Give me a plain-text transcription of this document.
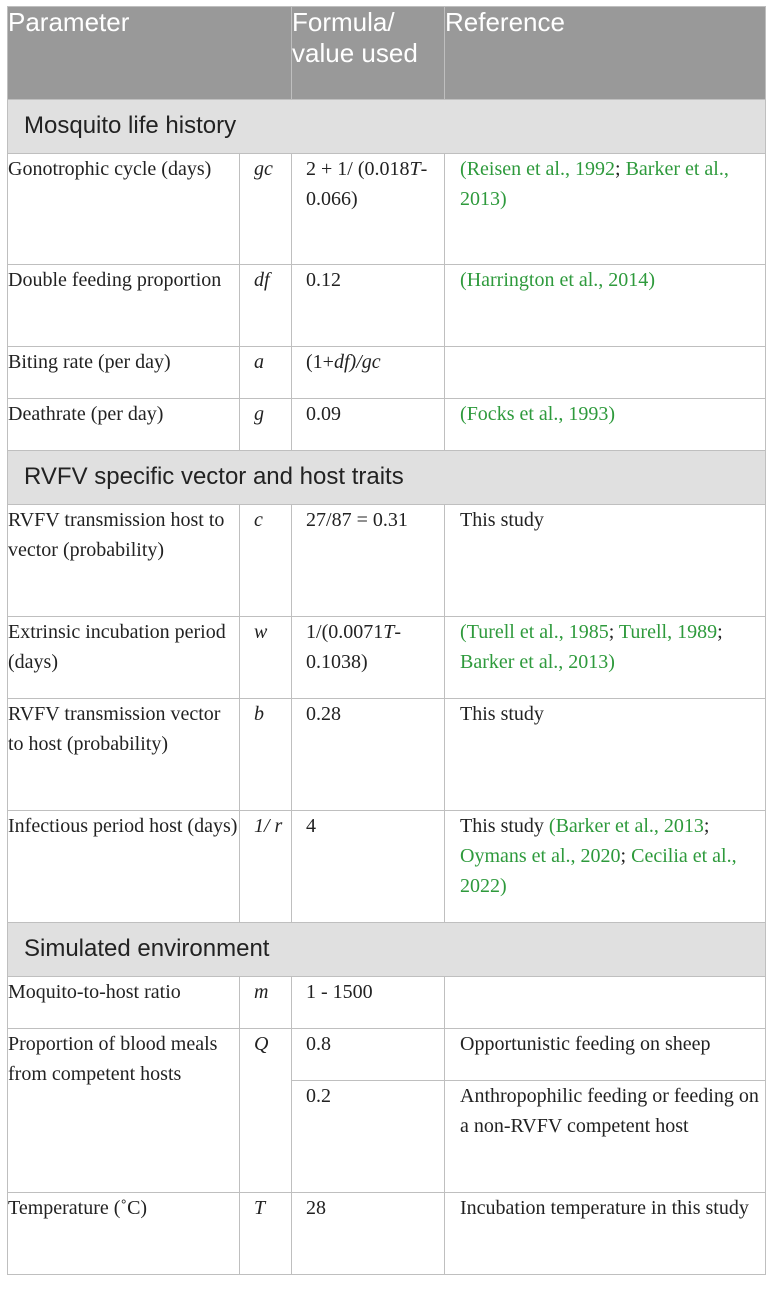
Parameter		Formula/ value used	Reference
Mosquito life history			
Gonotrophic cycle (days)	gc	2 + 1/ (0.018T- 0.066)	(Reisen et al., 1992; Barker et al., 2013)
Double feeding proportion	df	0.12	(Harrington et al., 2014)
Biting rate (per day)	a	(1+df)/gc	
Deathrate (per day)	g	0.09	(Focks et al., 1993)
RVFV specific vector and host traits			
RVFV transmission host to vector (probability)	c	27/87 = 0.31	This study
Extrinsic incubation period (days)	w	1/(0.0071T- 0.1038)	(Turell et al., 1985; Turell, 1989; Barker et al., 2013)
RVFV transmission vector to host (probability)	b	0.28	This study
Infectious period host (days)	1/ r	4	This study (Barker et al., 2013; Oymans et al., 2020; Cecilia et al., 2022)
Simulated environment			
Moquito-to-host ratio	m	1 - 1500	
Proportion of blood meals from competent hosts	Q	0.8	Opportunistic feeding on sheep
		0.2	Anthropophilic feeding or feeding on a non-RVFV competent host
Temperature (˚C)	T	28	Incubation temperature in this study
